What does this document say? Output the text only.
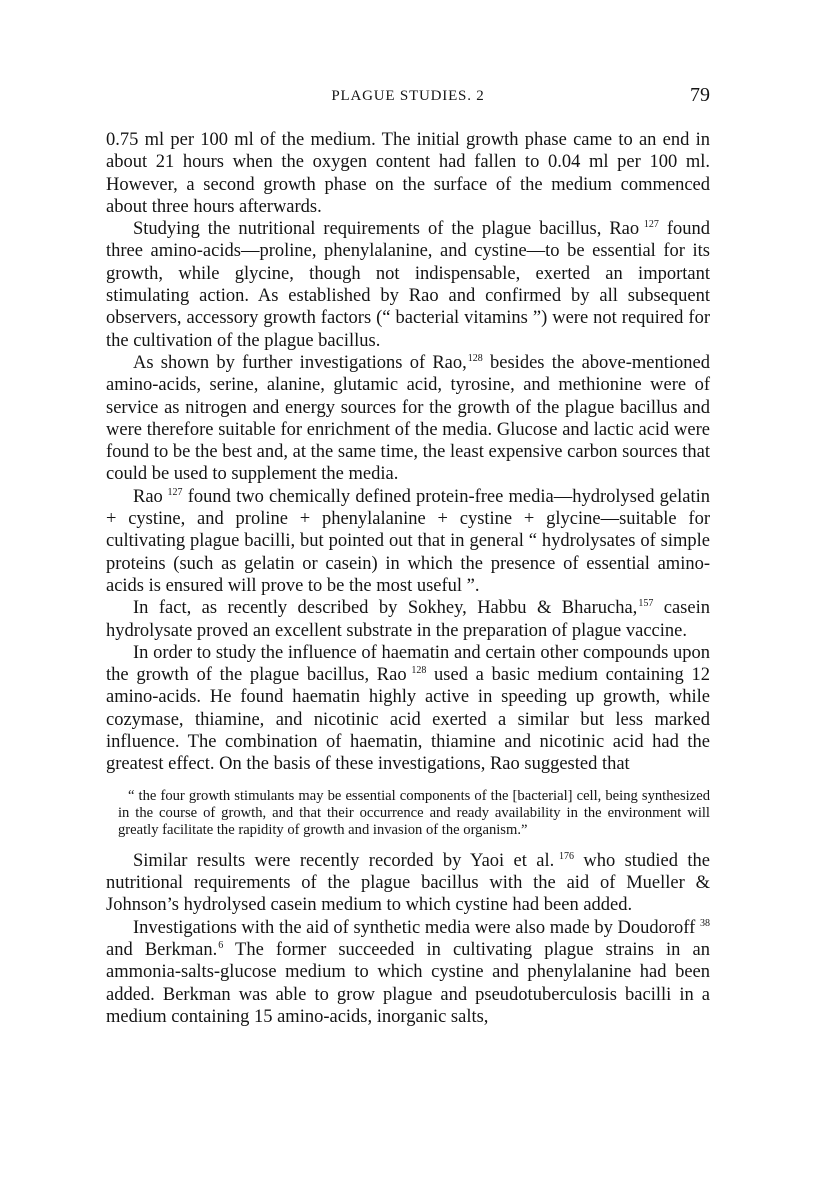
PLAGUE STUDIES. 2	79

0.75 ml per 100 ml of the medium. The initial growth phase came to an end in about 21 hours when the oxygen content had fallen to 0.04 ml per 100 ml. However, a second growth phase on the surface of the medium commenced about three hours afterwards.

Studying the nutritional requirements of the plague bacillus, Rao  $^{127}$ found three amino-acids—proline, phenylalanine, and cystine—to be essential for its growth, while glycine, though not indispensable, exerted an important stimulating action. As established by Rao and confirmed by all subsequent observers, accessory growth factors (“ bacterial vitamins ”) were not required for the cultivation of the plague bacillus.

As shown by further investigations of Rao,$^{128}$ besides the above-mentioned amino-acids, serine, alanine, glutamic acid, tyrosine, and methionine were of service as nitrogen and energy sources for the growth of the plague bacillus and were therefore suitable for enrichment of the media. Glucose and lactic acid were found to be the best and, at the same time, the least expensive carbon sources that could be used to supplement the media.

Rao  $^{127}$ found two chemically defined protein-free media—hydrolysed gelatin + cystine, and proline + phenylalanine + cystine + glycine—suitable for cultivating plague bacilli, but pointed out that in general “ hydrolysates of simple proteins (such as gelatin or casein) in which the presence of essential amino-acids is ensured will prove to be the most useful ”.

In fact, as recently described by Sokhey, Habbu & Bharucha,$^{157}$ casein hydrolysate proved an excellent substrate in the preparation of plague vaccine.

In order to study the influence of haematin and certain other compounds upon the growth of the plague bacillus, Rao  $^{128}$ used a basic medium containing 12 amino-acids. He found haematin highly active in speeding up growth, while cozymase, thiamine, and nicotinic acid exerted a similar but less marked influence. The combination of haematin, thiamine and nicotinic acid had the greatest effect. On the basis of these investigations, Rao suggested that

“ the four growth stimulants may be essential components of the [bacterial] cell, being synthesized in the course of growth, and that their occurrence and ready availability in the environment will greatly facilitate the rapidity of growth and invasion of the organism.”

Similar results were recently recorded by Yaoi et al.  $^{176}$ who studied the nutritional requirements of the plague bacillus with the aid of Mueller & Johnson’s hydrolysed casein medium to which cystine had been added.

Investigations with the aid of synthetic media were also made by Doudoroff  $^{38}$ and Berkman.$^6$ The former succeeded in cultivating plague strains in an ammonia-salts-glucose medium to which cystine and phenylalanine had been added. Berkman was able to grow plague and pseudotuberculosis bacilli in a medium containing 15 amino-acids, inorganic salts,
